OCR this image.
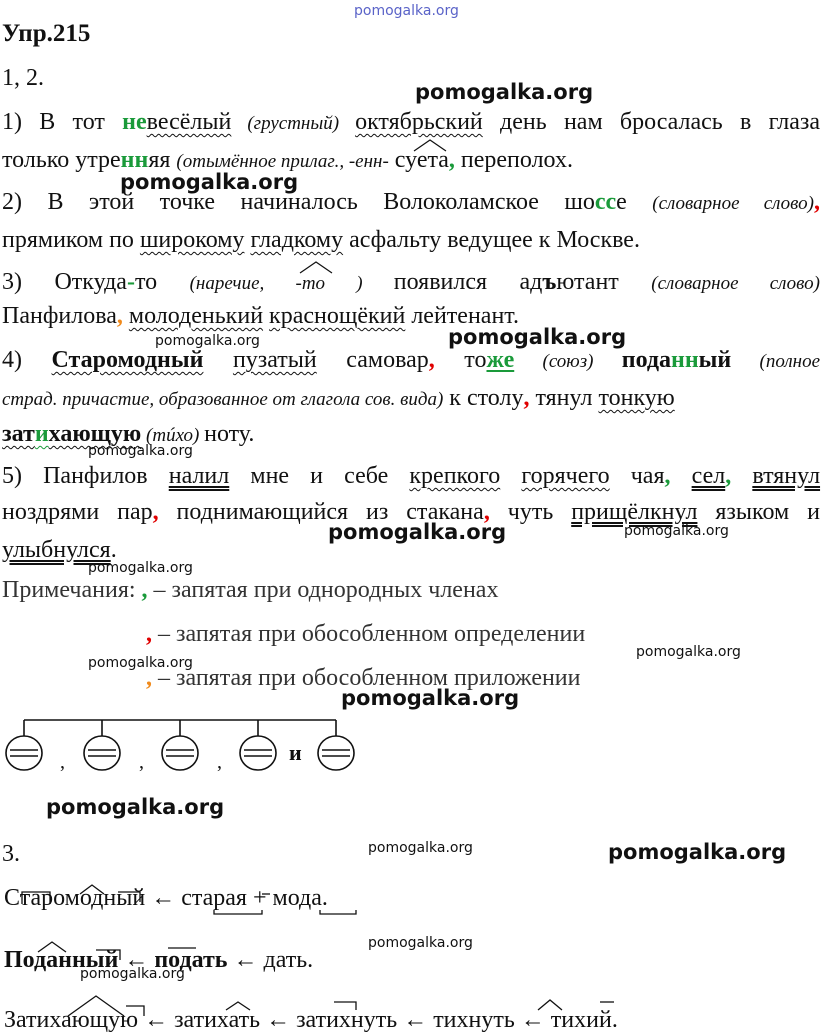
pomogalka.org
pomogalka.org
pomogalka.org
pomogalka.org	pomogalka.org
pomogalka.org
pomogalka.org	pomogalka.org
pomogalka.org
pomogalka.org
pomogalka.org
pomogalka.org
pomogalka.org
pomogalka.org	pomogalka.org
pomogalka.org
pomogalka.org
Упр.215
1, 2.
1) В тот невесёлый (грустный) октябрьский день нам бросалась в глаза
только утренняя (отымённое прилаг., -енн- суета, переполох.
2) В этой точке начиналось Волоколамское шоссе (словарное слово),
прямиком по широкому гладкому асфальту ведущее к Москве.
3) Откуда-то (наречие, -то ) появился адъютант (словарное слово)
Панфилова, молоденький краснощёкий лейтенант.
4) Старомодный пузатый самовар, тоже (союз) поданный (полное
страд. причастие, образованное от глагола сов. вида) к столу, тянул тонкую
затихающую (тúхо) ноту.
5) Панфилов налил мне и себе крепкого горячего чая, сел, втянул
ноздрями пар, поднимающийся из стакана, чуть прищёлкнул языком и
улыбнулся.
Примечания: , – запятая при однородных членах
, – запятая при обособленном определении
, – запятая при обособленном приложении
,	,	,	и
3.
Старомодный ← старая + мода.
Поданный ← подать ← дать.
Затихающую ← затихать ← затихнуть ← тихнуть ← тихий.
